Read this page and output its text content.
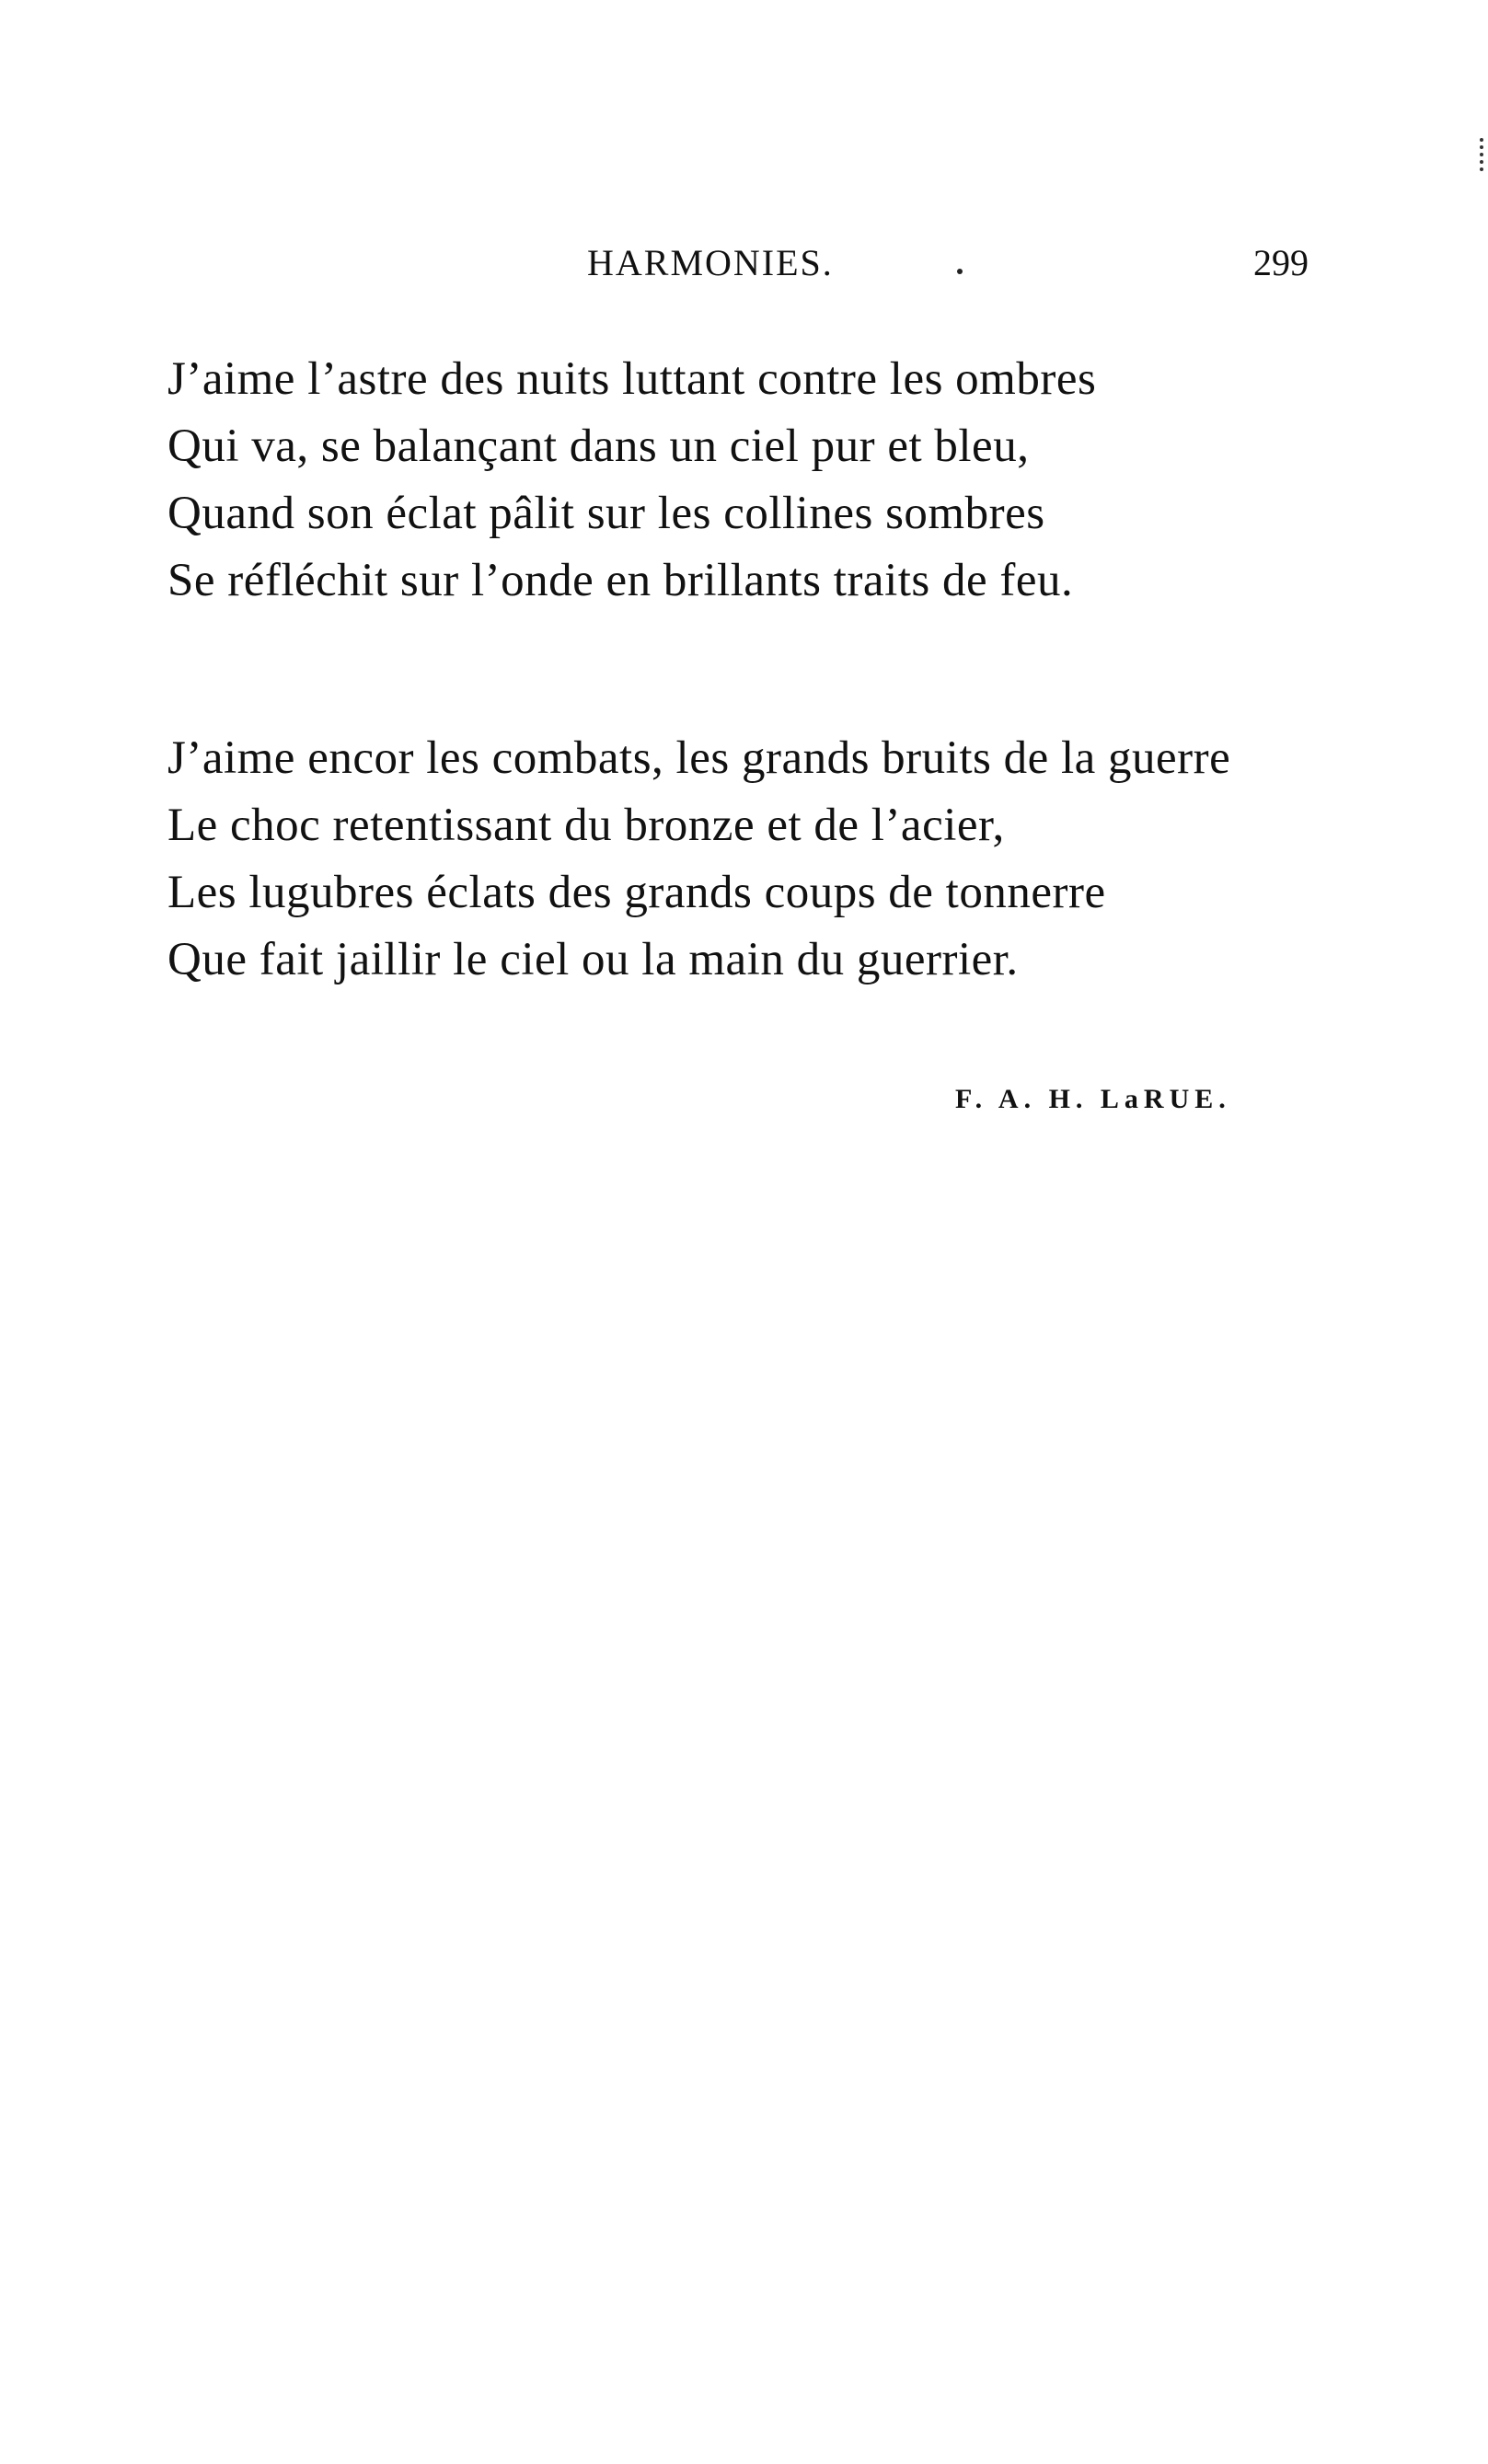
HARMONIES.	299
J’aime l’astre des nuits luttant contre les ombres
Qui va, se balançant dans un ciel pur et bleu,
Quand son éclat pâlit sur les collines sombres
Se réfléchit sur l’onde en brillants traits de feu.
J’aime encor les combats, les grands bruits de la guerre
Le choc retentissant du bronze et de l’acier,
Les lugubres éclats des grands coups de tonnerre
Que fait jaillir le ciel ou la main du guerrier.
F. A. H. LaRUE.
